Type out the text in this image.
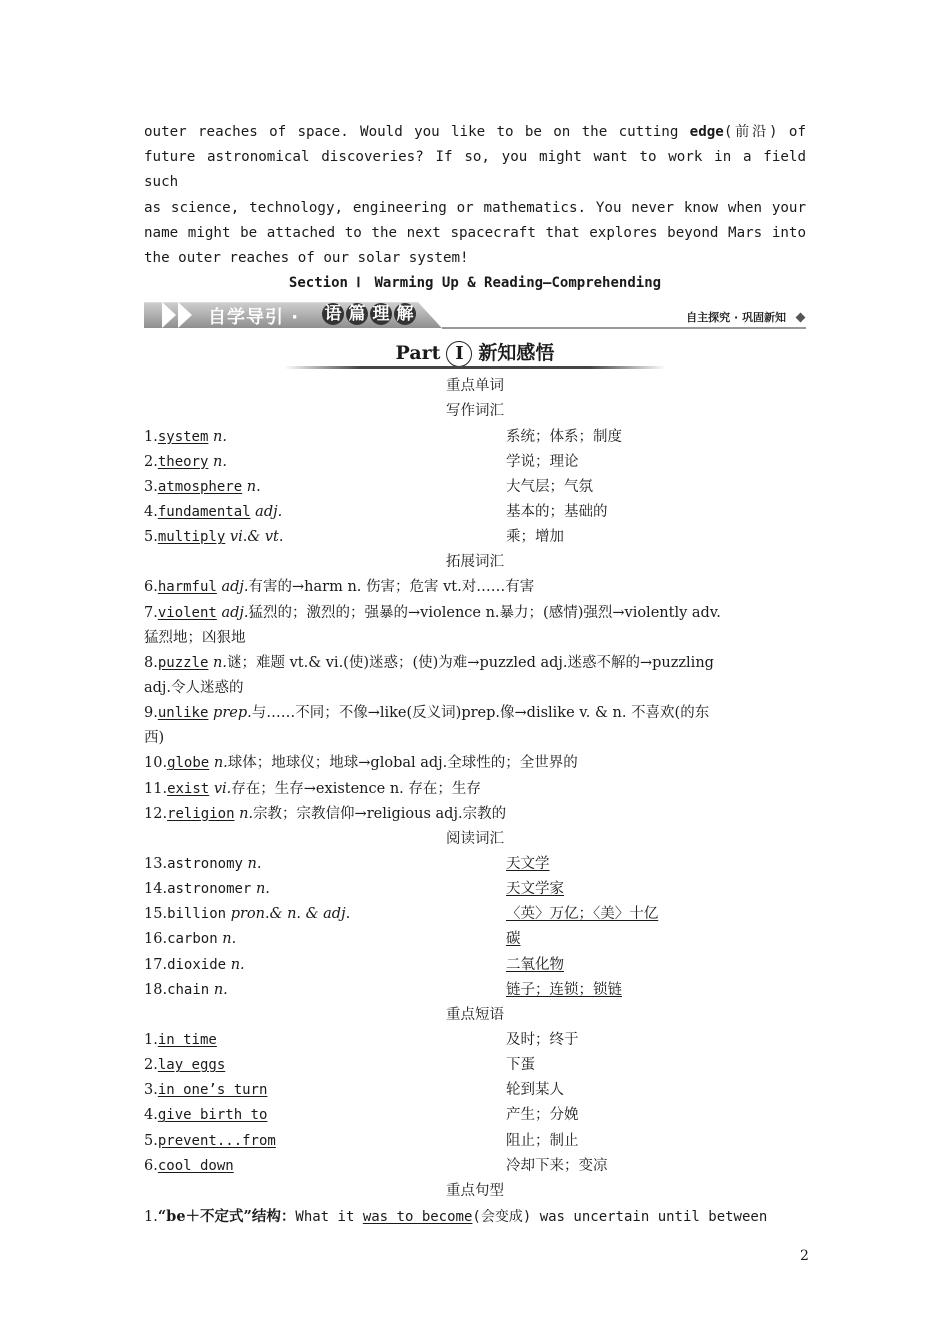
outer reaches of space. Would you like to be on the cutting edge(前沿) of
future astronomical discoveries? If so, you might want to work in a field such
as science, technology, engineering or mathematics. You never know when your
name might be attached to the next spacecraft that explores beyond Mars into
the outer reaches of our solar system!

Section Ⅰ　Warming Up & Reading—Comprehending

自学导引 · 语 篇 理 解	自主探究 · 巩固新知
Part Ⅰ 新知感悟
重点单词
写作词汇
1.system n.	系统；体系；制度
2.theory n.	学说；理论
3.atmosphere n.	大气层；气氛
4.fundamental adj.	基本的；基础的
5.multiply vi.& vt.	乘；增加
拓展词汇
6.harmful adj.有害的→harm n. 伤害；危害 vt.对……有害
7.violent adj.猛烈的；激烈的；强暴的→violence n.暴力；(感情)强烈→violently adv.
猛烈地；凶狠地
8.puzzle n.谜；难题 vt.& vi.(使)迷惑；(使)为难→puzzled adj.迷惑不解的→puzzling
adj.令人迷惑的
9.unlike prep.与……不同；不像→like(反义词)prep.像→dislike v. & n. 不喜欢(的东
西)
10.globe n.球体；地球仪；地球→global adj.全球性的；全世界的
11.exist vi.存在；生存→existence n. 存在；生存
12.religion n.宗教；宗教信仰→religious adj.宗教的
阅读词汇
13.astronomy n.	天文学
14.astronomer n.	天文学家
15.billion pron.& n. & adj.	〈英〉万亿；〈美〉十亿
16.carbon n.	碳
17.dioxide n.	二氧化物
18.chain n.	链子；连锁；锁链
重点短语
1.in time	及时；终于
2.lay eggs	下蛋
3.in one’s turn	轮到某人
4.give birth to	产生；分娩
5.prevent...from	阻止；制止
6.cool down	冷却下来；变凉
重点句型
1.“be＋不定式”结构：What it was to become(会变成) was uncertain until between
2
